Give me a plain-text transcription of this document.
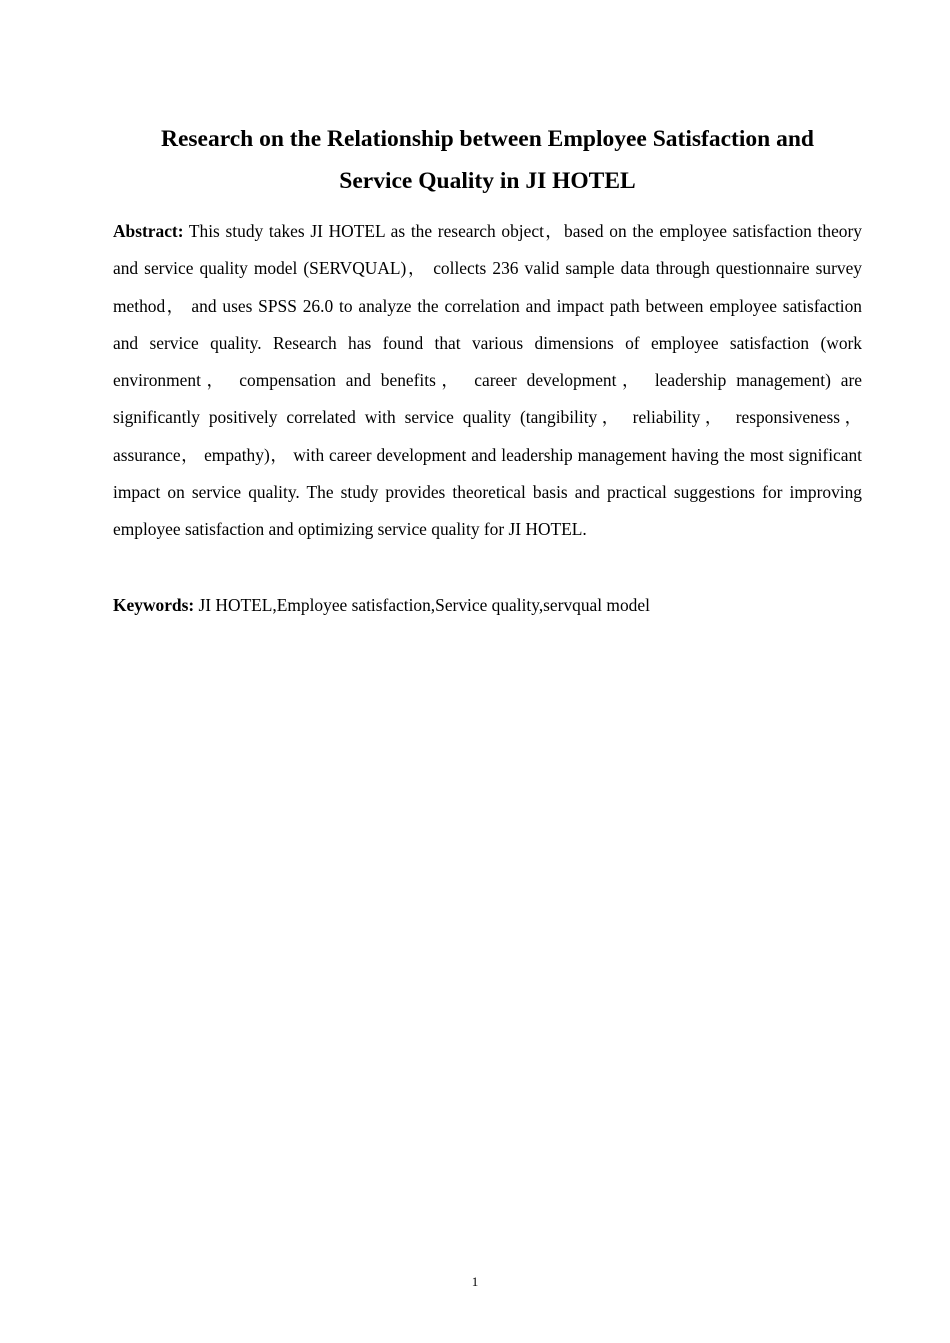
Research on the Relationship between Employee Satisfaction and
Service Quality in JI HOTEL

Abstract: This study takes JI HOTEL as the research object，based on the employee satisfaction theory and service quality model (SERVQUAL)， collects 236 valid sample data through questionnaire survey method， and uses SPSS 26.0 to analyze the correlation and impact path between employee satisfaction and service quality. Research has found that various dimensions of employee satisfaction (work environment， compensation and benefits， career development， leadership management) are significantly positively correlated with service quality (tangibility， reliability， responsiveness， assurance， empathy)， with career development and leadership management having the most significant impact on service quality. The study provides theoretical basis and practical suggestions for improving employee satisfaction and optimizing service quality for JI HOTEL.

Keywords: JI HOTEL,Employee satisfaction,Service quality,servqual model

1
